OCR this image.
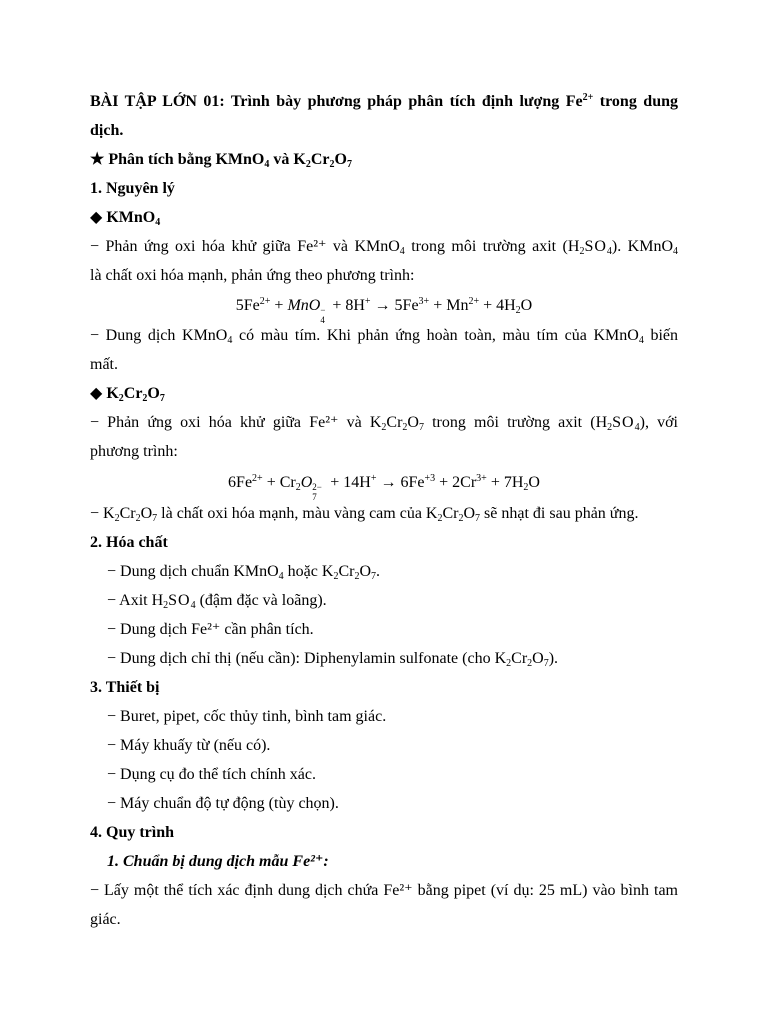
BÀI TẬP LỚN 01: Trình bày phương pháp phân tích định lượng $Fe^{2+}$ trong dung
dịch.
★ Phân tích bằng KMnO$_4$ và $K_2Cr_2O_7$
1. Nguyên lý
◆ KMnO$_4$
− Phản ứng oxi hóa khử giữa Fe²⁺ và KMnO$_4$ trong môi trường axit $(H_2SO_4)$. KMnO$_4$
là chất oxi hóa mạnh, phản ứng theo phương trình:
$5Fe^{2+}$ + MnO −
4
+ $8H^+ \to 5Fe^{3+} + Mn^{2+} + 4H_2O$
− Dung dịch KMnO$_4$ có màu tím. Khi phản ứng hoàn toàn, màu tím của KMnO$_4$ biến
mất.
◆ $K_2Cr_2O_7$
− Phản ứng oxi hóa khử giữa Fe²⁺ và $K_2Cr_2O_7$ trong môi trường axit $(H_2SO_4)$, với
phương trình:
$6Fe^{2+} + Cr_2O$ 2−
7
+ $14H^+ \to 6Fe^{+3} + 2Cr^{3+} + 7H_2O$
− $K_2Cr_2O_7$ là chất oxi hóa mạnh, màu vàng cam của $K_2Cr_2O_7$ sẽ nhạt đi sau phản ứng.
2. Hóa chất
− Dung dịch chuẩn KMnO$_4$ hoặc $K_2Cr_2O_7$.
− Axit $H_2SO_4$ (đậm đặc và loãng).
− Dung dịch Fe²⁺ cần phân tích.
− Dung dịch chỉ thị (nếu cần): Diphenylamin sulfonate (cho $K_2Cr_2O_7$).
3. Thiết bị
− Buret, pipet, cốc thủy tinh, bình tam giác.
− Máy khuấy từ (nếu có).
− Dụng cụ đo thể tích chính xác.
− Máy chuẩn độ tự động (tùy chọn).
4. Quy trình
1. Chuẩn bị dung dịch mẫu Fe²⁺:
− Lấy một thể tích xác định dung dịch chứa Fe²⁺ bằng pipet (ví dụ: 25 mL) vào bình tam
giác.
